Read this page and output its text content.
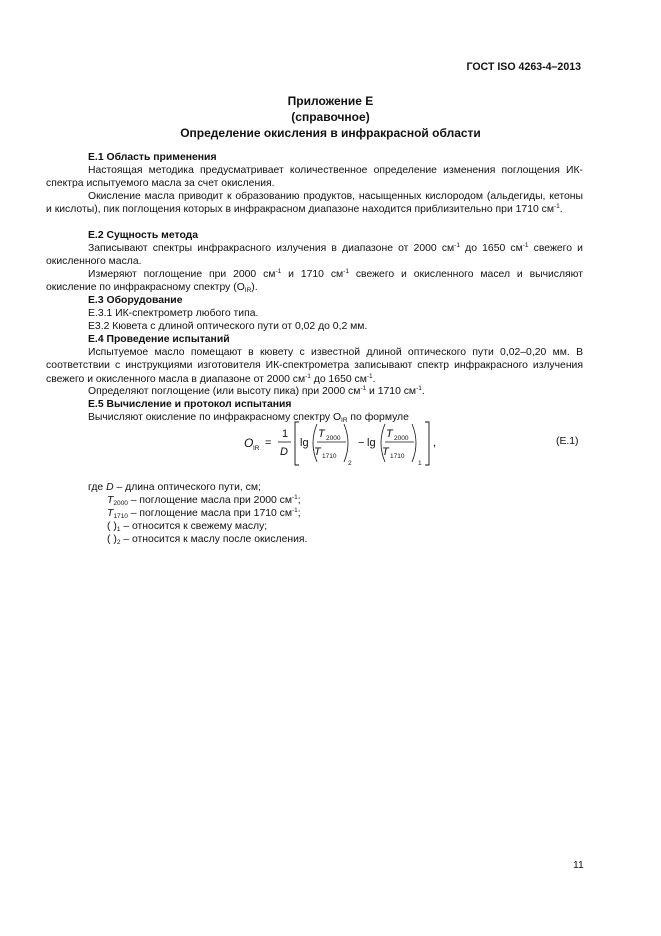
ГОСТ ISO 4263-4–2013
Приложение Е
(справочное)
Определение окисления в инфракрасной области
Е.1 Область применения
Настоящая методика предусматривает количественное определение изменения поглощения ИК-спектра испытуемого масла за счет окисления.
Окисление масла приводит к образованию продуктов, насыщенных кислородом (альдегиды, кетоны и кислоты), пик поглощения которых в инфракрасном диапазоне находится приблизительно при 1710 $см^{-1}$.
Е.2 Сущность метода
Записывают спектры инфракрасного излучения в диапазоне от 2000 $см^{-1}$ до 1650 $см^{-1}$ свежего и окисленного масла.
Измеряют поглощение при 2000 $см^{-1}$ и 1710 $см^{-1}$ свежего и окисленного масел и вычисляют окисление по инфракрасному спектру $(O_{IR})$.
Е.3 Оборудование
Е.3.1 ИК-спектрометр любого типа.
Е3.2 Кювета с длиной оптического пути от 0,02 до 0,2 мм.
Е.4 Проведение испытаний
Испытуемое масло помещают в кювету с известной длиной оптического пути 0,02–0,20 мм. В соответствии с инструкциями изготовителя ИК-спектрометра записывают спектр инфракрасного излучения свежего и окисленного масла в диапазоне от 2000 $см^{-1}$ до 1650 $см^{-1}$.
Определяют поглощение (или высоту пика) при 2000 $см^{-1}$ и 1710 $см^{-1}$.
Е.5 Вычисление и протокол испытания
Вычисляют окисление по инфракрасному спектру $O_{IR}$ по формуле
O IR =
1
D
lg
T 2000
T 1710
2
− lg
T 2000
T 1710
1
,	(Е.1)
где D – длина оптического пути, см;
$T_{2000}$ – поглощение масла при 2000 $см^{-1}$;
$T_{1710}$ – поглощение масла при 1710 $см^{-1}$;
( )$_1$ – относится к свежему маслу;
( )$_2$ – относится к маслу после окисления.
11
